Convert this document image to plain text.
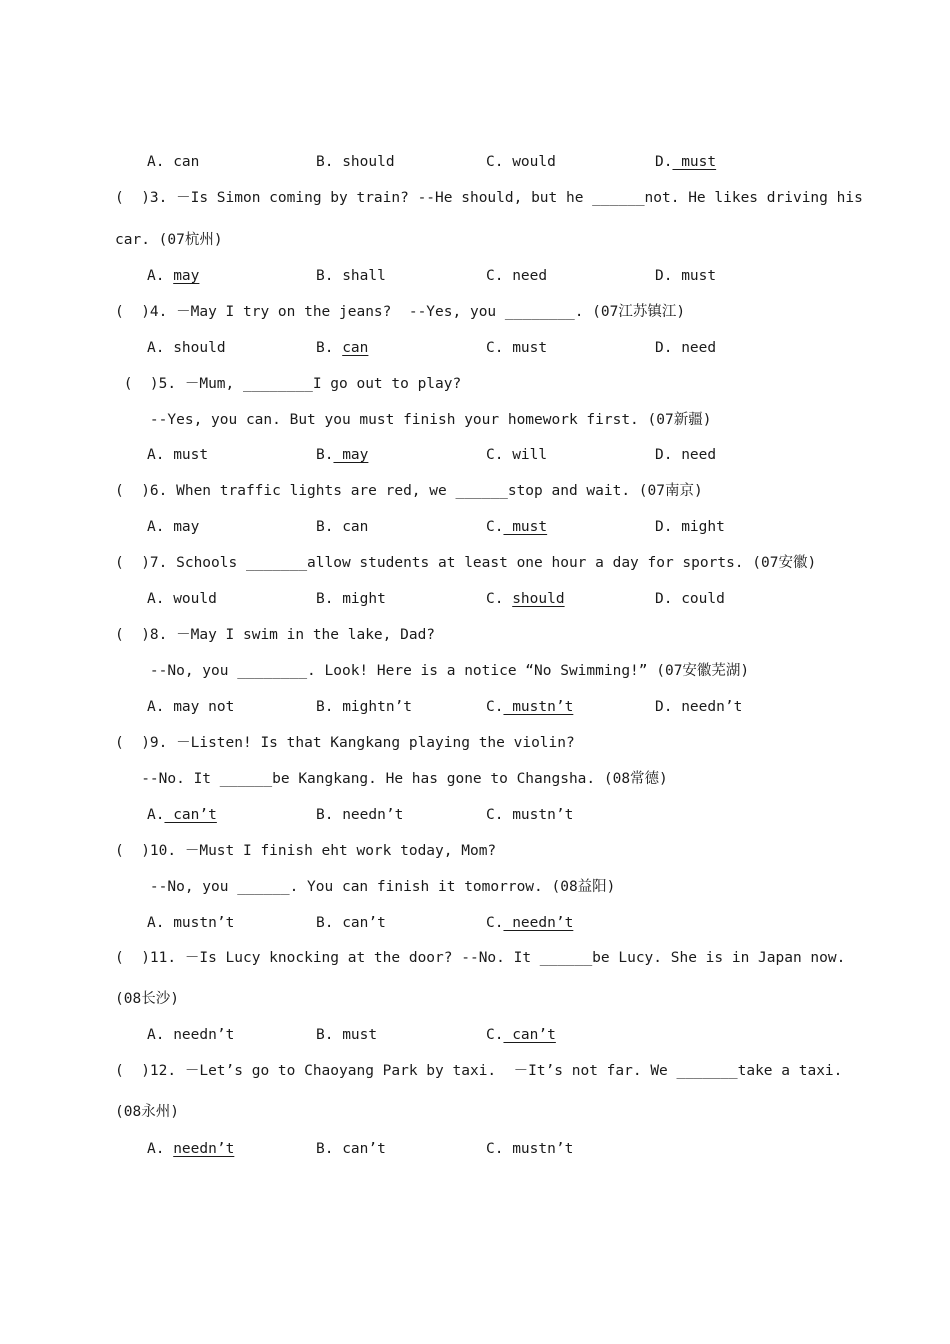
A. can	B. should	C. would	D. must
(  )3. －Is Simon coming by train? --He should, but he ______not. He likes driving his
car. (07杭州)
A. may	B. shall	C. need	D. must
(  )4. －May I try on the jeans?  --Yes, you ________. (07江苏镇江)
A. should	B. can	C. must	D. need
(  )5. －Mum, ________I go out to play?
--Yes, you can. But you must finish your homework first. (07新疆)
A. must	B. may	C. will	D. need
(  )6. When traffic lights are red, we ______stop and wait. (07南京)
A. may	B. can	C. must	D. might
(  )7. Schools _______allow students at least one hour a day for sports. (07安徽)
A. would	B. might	C. should	D. could
(  )8. －May I swim in the lake, Dad?
--No, you ________. Look! Here is a notice “No Swimming!” (07安徽芜湖)
A. may not	B. mightn’t	C. mustn’t	D. needn’t
(  )9. －Listen! Is that Kangkang playing the violin?
--No. It ______be Kangkang. He has gone to Changsha. (08常德)
A. can’t	B. needn’t	C. mustn’t
(  )10. －Must I finish eht work today, Mom?
--No, you ______. You can finish it tomorrow. (08益阳)
A. mustn’t	B. can’t	C. needn’t
(  )11. －Is Lucy knocking at the door? --No. It ______be Lucy. She is in Japan now.
(08长沙)
A. needn’t	B. must	C. can’t
(  )12. －Let’s go to Chaoyang Park by taxi.  －It’s not far. We _______take a taxi.
(08永州)
A. needn’t	B. can’t	C. mustn’t
